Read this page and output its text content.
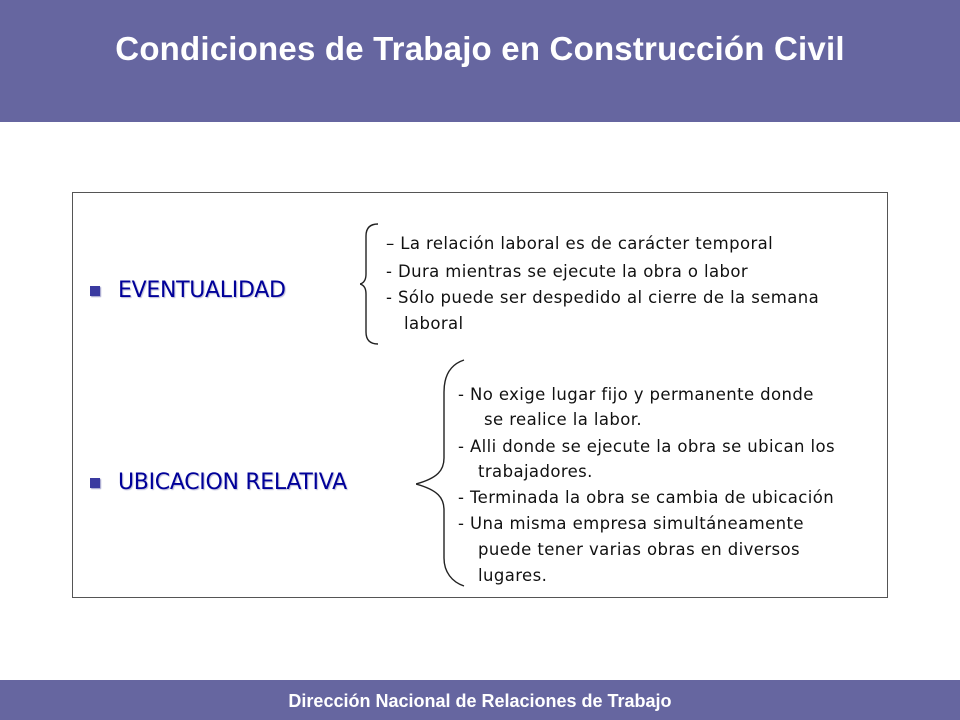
Condiciones de Trabajo en Construcción Civil
EVENTUALIDAD
– La relación laboral es de carácter temporal
- Dura mientras se ejecute la obra o labor
- Sólo puede ser despedido al cierre de la semana
laboral
UBICACION RELATIVA
- No exige lugar fijo y permanente donde
se realice la labor.
- Alli donde se ejecute la obra se ubican los
trabajadores.
- Terminada la obra se cambia de ubicación
- Una misma empresa simultáneamente
puede tener varias obras en diversos
lugares.
Dirección Nacional de Relaciones de Trabajo
